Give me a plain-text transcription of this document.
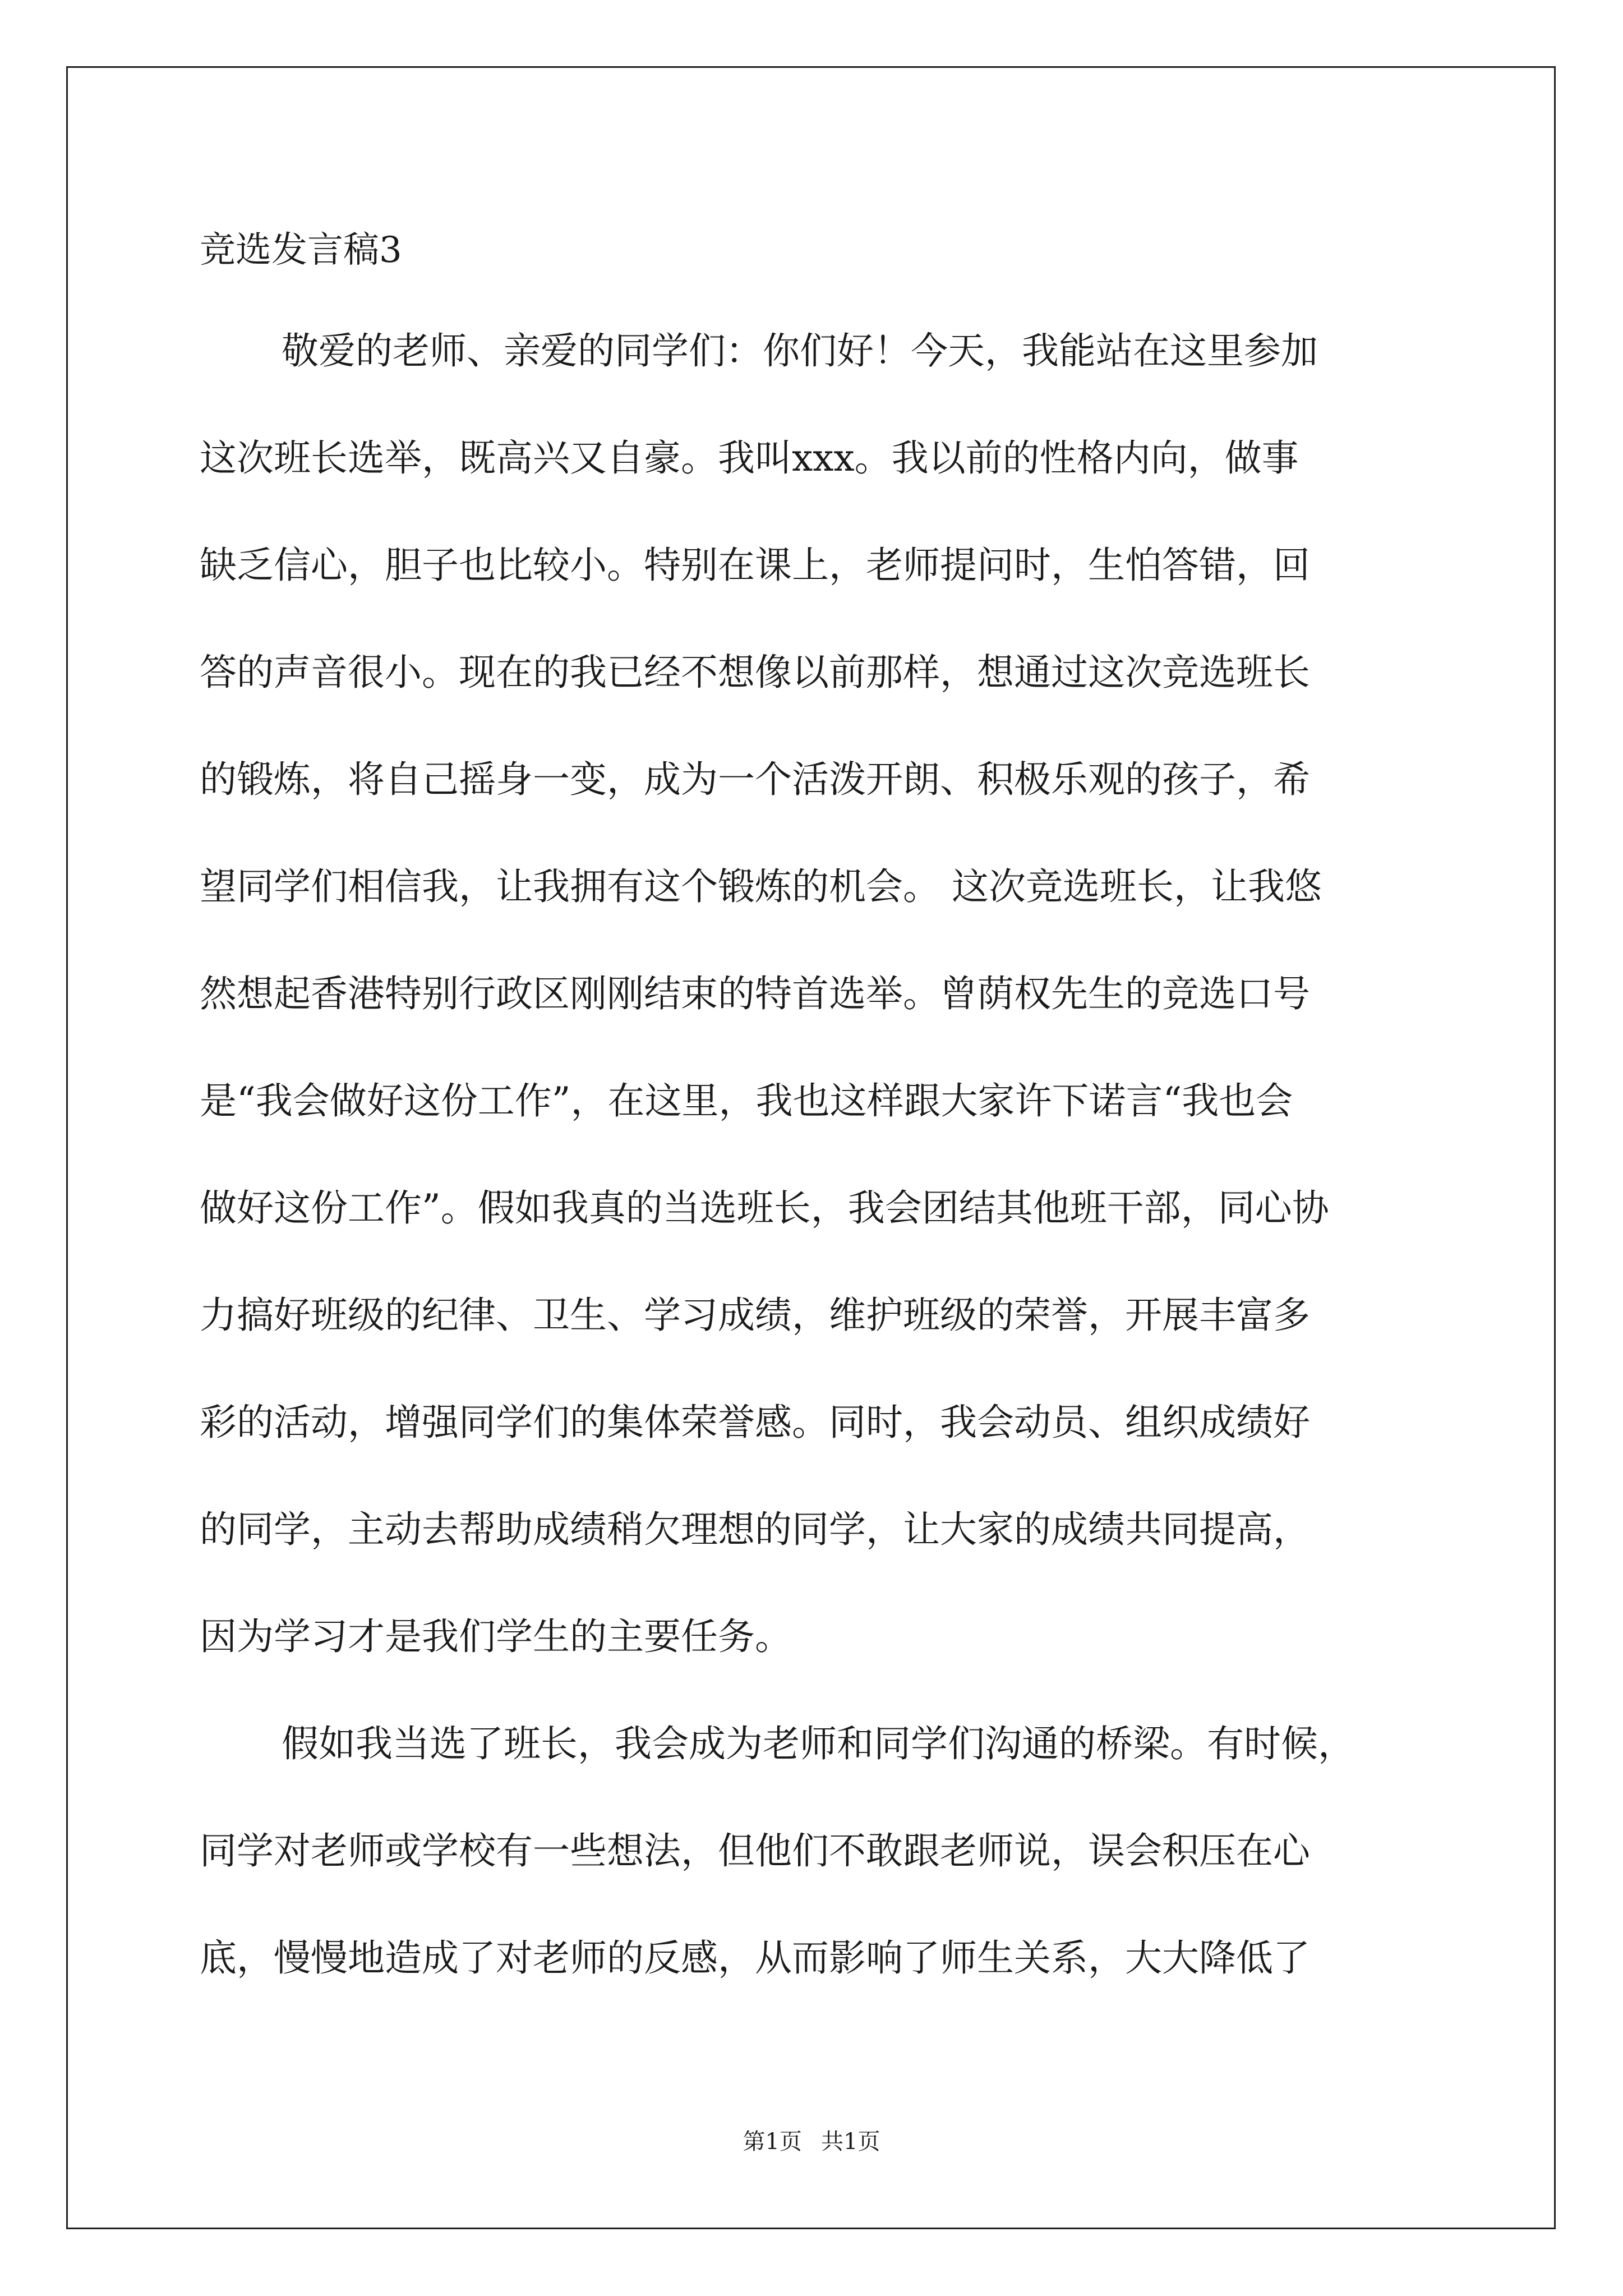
竞选发言稿3
敬爱的老师、亲爱的同学们：你们好！今天，我能站在这里参加
这次班长选举，既高兴又自豪。我叫xxx。我以前的性格内向，做事
缺乏信心，胆子也比较小。特别在课上，老师提问时，生怕答错，回
答的声音很小。现在的我已经不想像以前那样，想通过这次竞选班长
的锻炼，将自己摇身一变，成为一个活泼开朗、积极乐观的孩子，希
望同学们相信我，让我拥有这个锻炼的机会。 这次竞选班长，让我悠
然想起香港特别行政区刚刚结束的特首选举。曾荫权先生的竞选口号
是“我会做好这份工作”，在这里，我也这样跟大家许下诺言“我也会
做好这份工作”。假如我真的当选班长，我会团结其他班干部，同心协
力搞好班级的纪律、卫生、学习成绩，维护班级的荣誉，开展丰富多
彩的活动，增强同学们的集体荣誉感。同时，我会动员、组织成绩好
的同学，主动去帮助成绩稍欠理想的同学，让大家的成绩共同提高，
因为学习才是我们学生的主要任务。
假如我当选了班长，我会成为老师和同学们沟通的桥梁。有时候，
同学对老师或学校有一些想法，但他们不敢跟老师说，误会积压在心
底，慢慢地造成了对老师的反感，从而影响了师生关系，大大降低了
第1页 共1页
